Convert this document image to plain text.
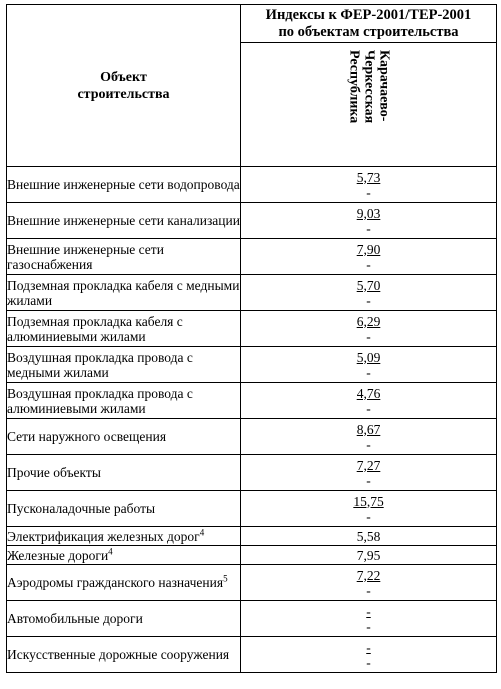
Объект
строительства	Индексы к ФЕР-2001/ТЕР-2001
по объектам строительства

	Карачаево-
Черкесская
Республика

Внешние инженерные сети водопровода	5,73
-

Внешние инженерные сети канализации	9,03
-

Внешние инженерные сети газоснабжения	7,90
-

Подземная прокладка кабеля с медными жилами	5,70
-

Подземная прокладка кабеля с алюминиевыми жилами	6,29
-

Воздушная прокладка провода с медными жилами	5,09
-

Воздушная прокладка провода с алюминиевыми жилами	4,76
-

Сети наружного освещения	8,67
-

Прочие объекты	7,27
-

Пусконаладочные работы	15,75
-

Электрификация железных дорог$^4$	5,58

Железные дороги$^4$	7,95

Аэродромы гражданского назначения$^5$	7,22
-

Автомобильные дороги	-
-

Искусственные дорожные сооружения	-
-
